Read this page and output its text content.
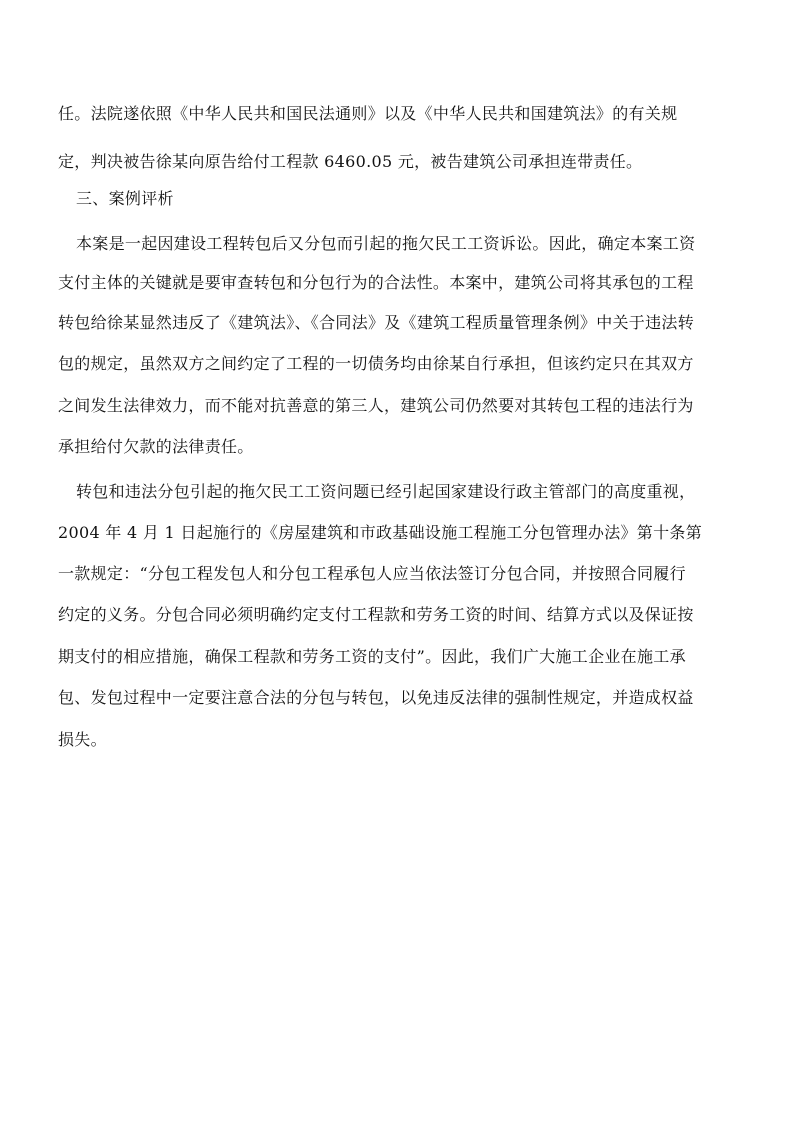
任。法院遂依照《中华人民共和国民法通则》以及《中华人民共和国建筑法》的有关规
定，判决被告徐某向原告给付工程款 6460.05 元，被告建筑公司承担连带责任。
三、案例评析
本案是一起因建设工程转包后又分包而引起的拖欠民工工资诉讼。因此，确定本案工资
支付主体的关键就是要审查转包和分包行为的合法性。本案中，建筑公司将其承包的工程
转包给徐某显然违反了《建筑法》、《合同法》及《建筑工程质量管理条例》中关于违法转
包的规定，虽然双方之间约定了工程的一切债务均由徐某自行承担，但该约定只在其双方
之间发生法律效力，而不能对抗善意的第三人，建筑公司仍然要对其转包工程的违法行为
承担给付欠款的法律责任。
转包和违法分包引起的拖欠民工工资问题已经引起国家建设行政主管部门的高度重视，
2004 年 4 月 1 日起施行的《房屋建筑和市政基础设施工程施工分包管理办法》第十条第
一款规定：“分包工程发包人和分包工程承包人应当依法签订分包合同，并按照合同履行
约定的义务。分包合同必须明确约定支付工程款和劳务工资的时间、结算方式以及保证按
期支付的相应措施，确保工程款和劳务工资的支付”。因此，我们广大施工企业在施工承
包、发包过程中一定要注意合法的分包与转包，以免违反法律的强制性规定，并造成权益
损失。
